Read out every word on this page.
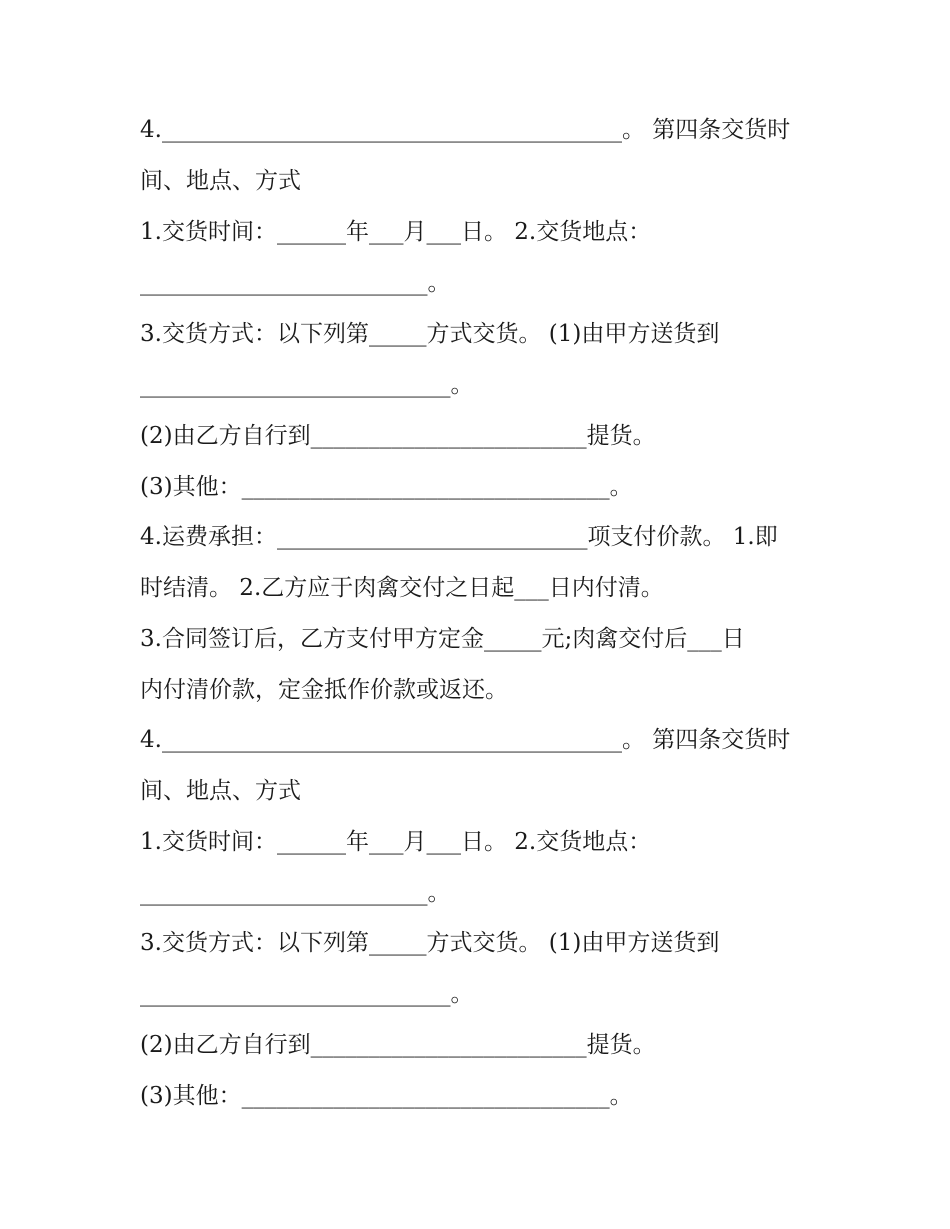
4.________________________________________。 第四条交货时
间、地点、方式
1.交货时间：______年___月___日。 2.交货地点：
_________________________。
3.交货方式：以下列第_____方式交货。 (1)由甲方送货到
___________________________。
(2)由乙方自行到________________________提货。
(3)其他：________________________________。
4.运费承担：___________________________项支付价款。 1.即
时结清。 2.乙方应于肉禽交付之日起___日内付清。
3.合同签订后，乙方支付甲方定金_____元;肉禽交付后___日
内付清价款，定金抵作价款或返还。
4.________________________________________。 第四条交货时
间、地点、方式
1.交货时间：______年___月___日。 2.交货地点：
_________________________。
3.交货方式：以下列第_____方式交货。 (1)由甲方送货到
___________________________。
(2)由乙方自行到________________________提货。
(3)其他：________________________________。
